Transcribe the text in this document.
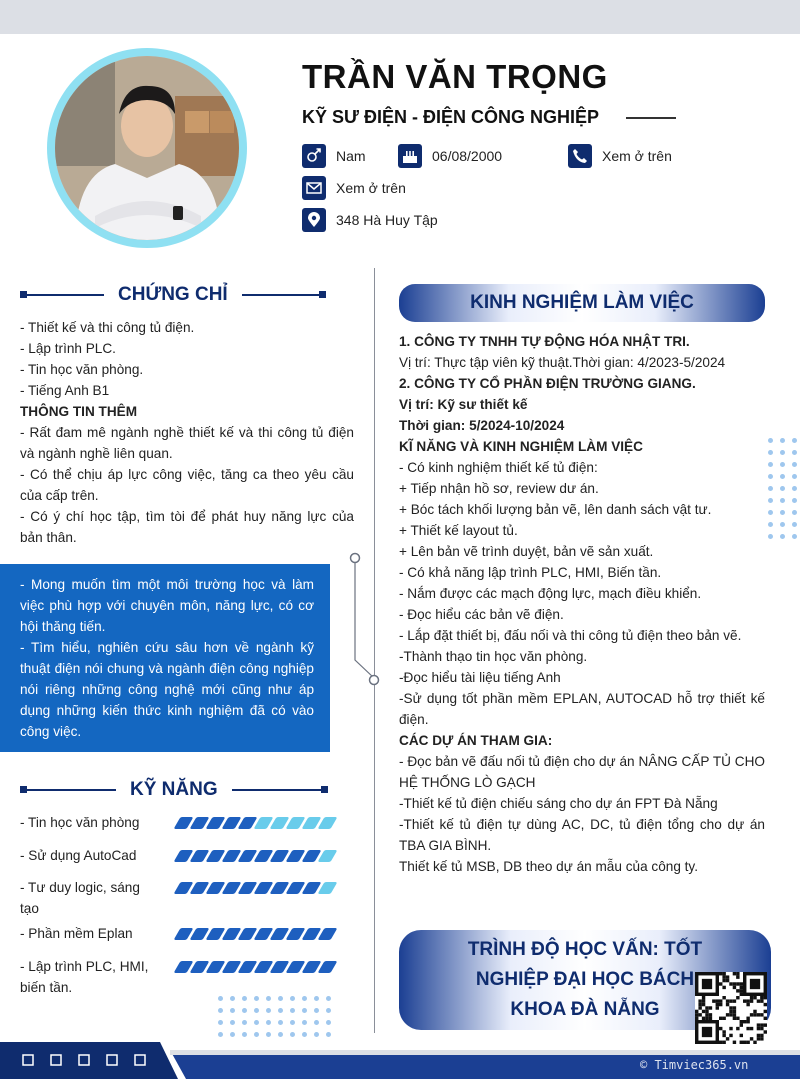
TRẦN VĂN TRỌNG
KỸ SƯ ĐIỆN - ĐIỆN CÔNG NGHIỆP
Nam	06/08/2000	Xem ở trên
Xem ở trên
348 Hà Huy Tập
CHỨNG CHỈ

- Thiết kế và thi công tủ điện.

- Lập trình PLC.

- Tin học văn phòng.

- Tiếng Anh B1

THÔNG TIN THÊM

- Rất đam mê ngành nghề thiết kế và thi công tủ điện và ngành nghề liên quan.

- Có thể chịu áp lực công việc, tăng ca theo yêu cầu của cấp trên.

- Có ý chí học tập, tìm tòi để phát huy năng lực của bản thân.

- Mong muốn tìm một môi trường học và làm việc phù hợp với chuyên môn, năng lực, có cơ hội thăng tiến.

- Tìm hiểu, nghiên cứu sâu hơn về ngành kỹ thuật điện nói chung và ngành điện công nghiệp nói riêng những công nghệ mới cũng như áp dụng những kiến thức kinh nghiệm đã có vào công việc.

KỸ NĂNG
- Tin học văn phòng
- Sử dụng AutoCad
- Tư duy logic, sáng tạo
- Phần mềm Eplan
- Lập trình PLC, HMI, biến tần.
KINH NGHIỆM LÀM VIỆC

1. CÔNG TY TNHH TỰ ĐỘNG HÓA NHẬT TRI.

Vị trí: Thực tập viên kỹ thuật.Thời gian: 4/2023-5/2024

2. CÔNG TY CỔ PHẦN ĐIỆN TRƯỜNG GIANG.

Vị trí: Kỹ sư thiết kế

Thời gian: 5/2024-10/2024

KĨ NĂNG VÀ KINH NGHIỆM LÀM VIỆC

- Có kinh nghiệm thiết kế tủ điện:

+ Tiếp nhận hồ sơ, review dư án.

+ Bóc tách khối lượng bản vẽ, lên danh sách vật tư.

+ Thiết kế layout tủ.

+ Lên bản vẽ trình duyệt, bản vẽ sản xuất.

- Có khả năng lập trình PLC, HMI, Biến tần.

- Nắm được các mạch động lực, mạch điều khiển.

- Đọc hiểu các bản vẽ điện.

- Lắp đặt thiết bị, đấu nối và thi công tủ điện theo bản vẽ.

-Thành thạo tin học văn phòng.

-Đọc hiểu tài liệu tiếng Anh

-Sử dụng tốt phần mềm EPLAN, AUTOCAD hỗ trợ thiết kế điện.

CÁC DỰ ÁN THAM GIA:

- Đọc bản vẽ đấu nối tủ điện cho dự án NÂNG CẤP TỦ CHO HỆ THỐNG LÒ GẠCH

-Thiết kế tủ điện chiếu sáng cho dự án FPT Đà Nẵng

-Thiết kế tủ điện tự dùng AC, DC, tủ điện tổng cho dự án TBA GIA BÌNH.

Thiết kế tủ MSB, DB theo dự án mẫu của công ty.

TRÌNH ĐỘ HỌC VẤN: TỐT NGHIỆP ĐẠI HỌC BÁCH KHOA ĐÀ NẴNG
© Timviec365.vn
